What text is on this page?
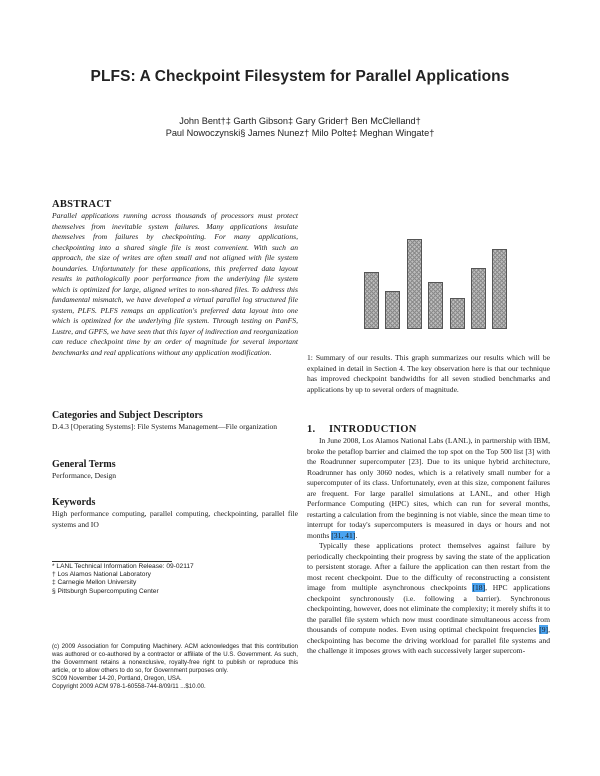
PLFS: A Checkpoint Filesystem for Parallel Applications
John Bent†‡ Garth Gibson‡ Gary Grider† Ben McClelland†
Paul Nowoczynski§ James Nunez† Milo Polte‡ Meghan Wingate†
ABSTRACT

Parallel applications running across thousands of processors must protect themselves from inevitable system failures. Many applications insulate themselves from failures by checkpointing. For many applications, checkpointing into a shared single file is most convenient. With such an approach, the size of writes are often small and not aligned with file system boundaries. Unfortunately for these applications, this preferred data layout results in pathologically poor performance from the underlying file system which is optimized for large, aligned writes to non-shared files. To address this fundamental mismatch, we have developed a virtual parallel log structured file system, PLFS. PLFS remaps an application's preferred data layout into one which is optimized for the underlying file system. Through testing on PanFS, Lustre, and GPFS, we have seen that this layer of indirection and reorganization can reduce checkpoint time by an order of magnitude for several important benchmarks and real applications without any application modification.

Categories and Subject Descriptors

D.4.3 [Operating Systems]: File Systems Management—File organization

General Terms

Performance, Design

Keywords

High performance computing, parallel computing, checkpointing, parallel file systems and IO

* LANL Technical Information Release: 09-02117
† Los Alamos National Laboratory
‡ Carnegie Mellon University
§ Pittsburgh Supercomputing Center

(c) 2009 Association for Computing Machinery. ACM acknowledges that this contribution was authored or co-authored by a contractor or affiliate of the U.S. Government. As such, the Government retains a nonexclusive, royalty-free right to publish or reproduce this article, or to allow others to do so, for Government purposes only.

SC09 November 14-20, Portland, Oregon, USA.

Copyright 2009 ACM 978-1-60558-744-8/09/11 ...$10.00.

1: Summary of our results. This graph summarizes our results which will be explained in detail in Section 4. The key observation here is that our technique has improved checkpoint bandwidths for all seven studied benchmarks and applications by up to several orders of magnitude.
1. INTRODUCTION

In June 2008, Los Alamos National Labs (LANL), in partnership with IBM, broke the petaflop barrier and claimed the top spot on the Top 500 list [3] with the Roadrunner supercomputer [23]. Due to its unique hybrid architecture, Roadrunner has only 3060 nodes, which is a relatively small number for a supercomputer of its class. Unfortunately, even at this size, component failures are frequent. For large parallel simulations at LANL, and other High Performance Computing (HPC) sites, which can run for several months, restarting a calculation from the beginning is not viable, since the mean time to interrupt for today's supercomputers is measured in days or hours and not months [31, 41].

Typically these applications protect themselves against failure by periodically checkpointing their progress by saving the state of the application to persistent storage. After a failure the application can then restart from the most recent checkpoint. Due to the difficulty of reconstructing a consistent image from multiple asynchronous checkpoints [18], HPC applications checkpoint synchronously (i.e. following a barrier). Synchronous checkpointing, however, does not eliminate the complexity; it merely shifts it to the parallel file system which now must coordinate simultaneous access from thousands of compute nodes. Even using optimal checkpoint frequencies [9], checkpointing has become the driving workload for parallel file systems and the challenge it imposes grows with each successively larger supercom-
